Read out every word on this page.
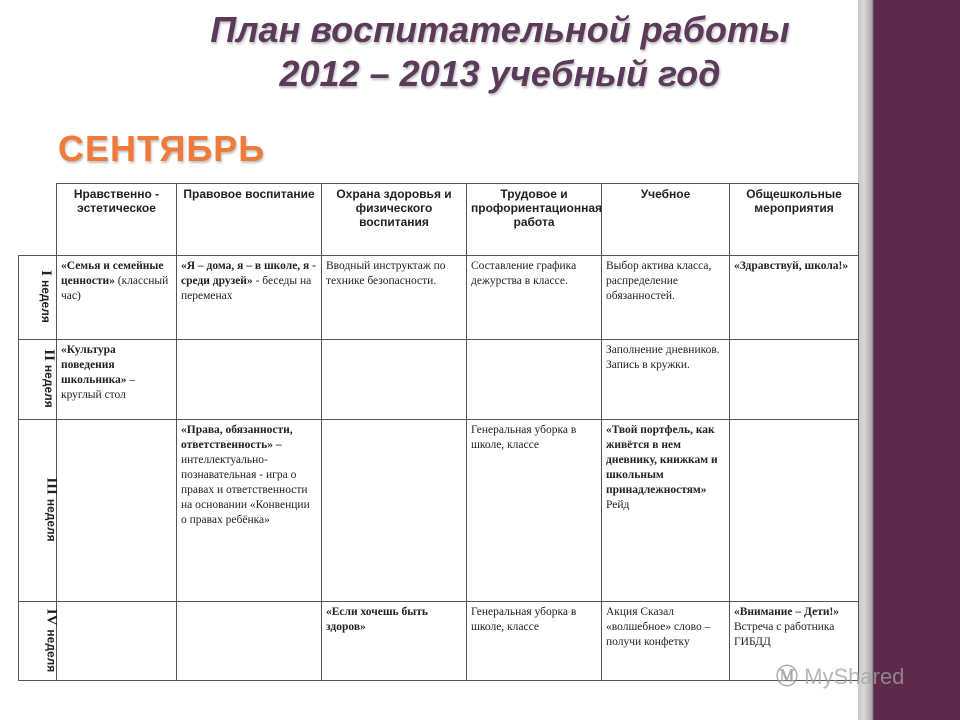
План воспитательной работы
2012 – 2013 учебный год
СЕНТЯБРЬ
	Нравственно - эстетическое	Правовое воспитание	Охрана здоровья и физического воспитания	Трудовое и профориентационная работа	Учебное	Общешкольные мероприятия
Iнеделя	«Семья и семейные ценности» (классный час)	«Я – дома, я – в школе, я - среди друзей» - беседы на переменах	Вводный инструктаж по технике безопасности.	Составление графика дежурства в классе.	Выбор актива класса, распределение обязанностей.	«Здравствуй, школа!»
IIнеделя	«Культура поведения школьника» – круглый стол				Заполнение дневников. Запись в кружки.	
IIIнеделя		«Права, обязанности, ответственность» – интеллектуально-познавательная - игра о правах и ответственности на основании «Конвенции о правах ребёнка»		Генеральная уборка в школе, классе	«Твой портфель, как живётся в нем дневнику, книжкам и школьным принадлежностям» Рейд	
IVнеделя			«Если хочешь быть здоров»	Генеральная уборка в школе, классе	Акция Сказал «волшебное» слово – получи конфетку	«Внимание – Дети!» Встреча с работника ГИБДД
Ⓜ MyShared
